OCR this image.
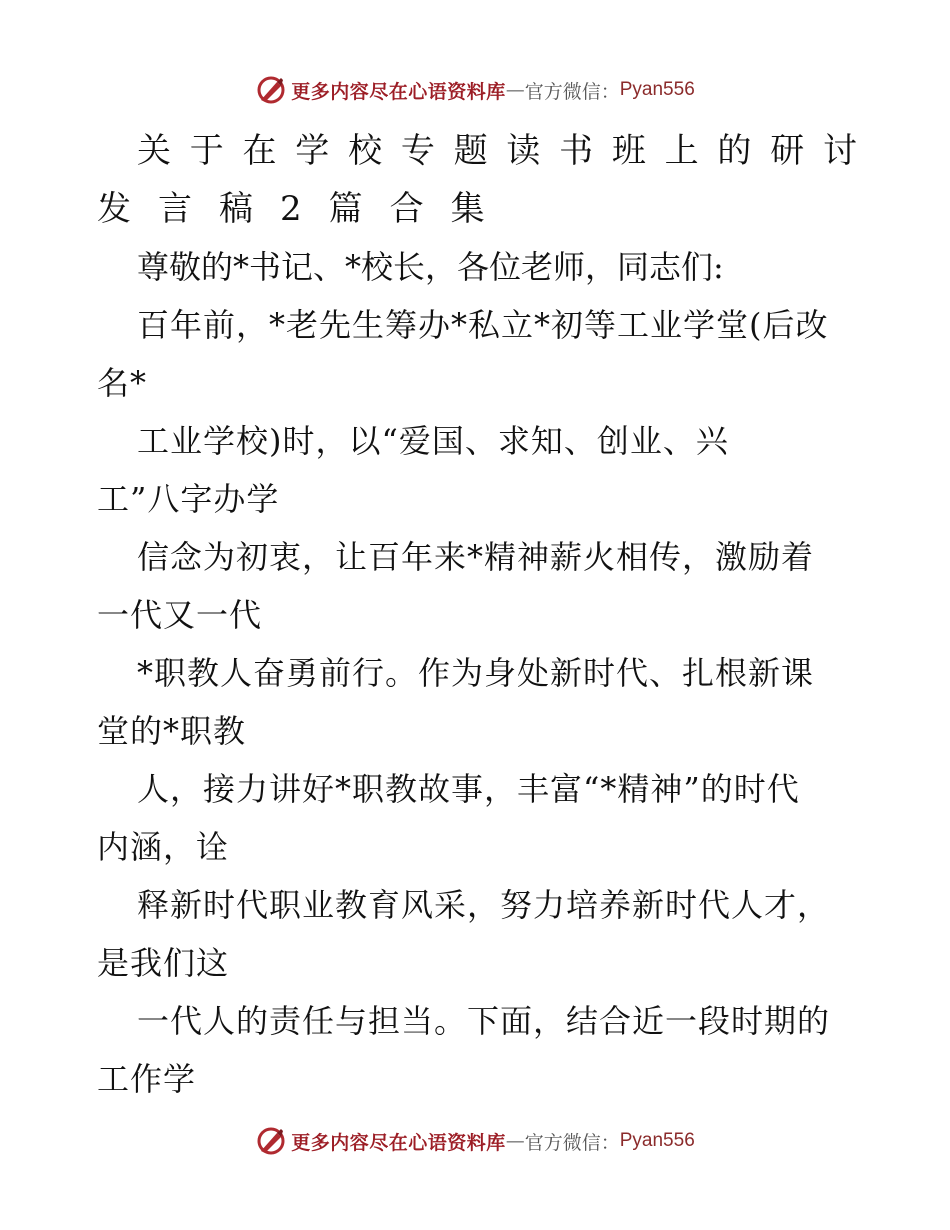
更多内容尽在心语资料库 — 官方微信： Pyan556
关 于 在 学 校 专 题 读 书 班 上 的 研 讨
发 言 稿 2 篇 合 集
尊敬的*书记、*校长，各位老师，同志们:
百年前，*老先生筹办*私立*初等工业学堂(后改
名*
工业学校)时，以“爱国、求知、创业、兴
工”八字办学
信念为初衷，让百年来*精神薪火相传，激励着
一代又一代
*职教人奋勇前行。作为身处新时代、扎根新课
堂的*职教
人，接力讲好*职教故事，丰富“*精神”的时代
内涵，诠
释新时代职业教育风采，努力培养新时代人才，
是我们这
一代人的责任与担当。下面，结合近一段时期的
工作学
更多内容尽在心语资料库 — 官方微信： Pyan556
